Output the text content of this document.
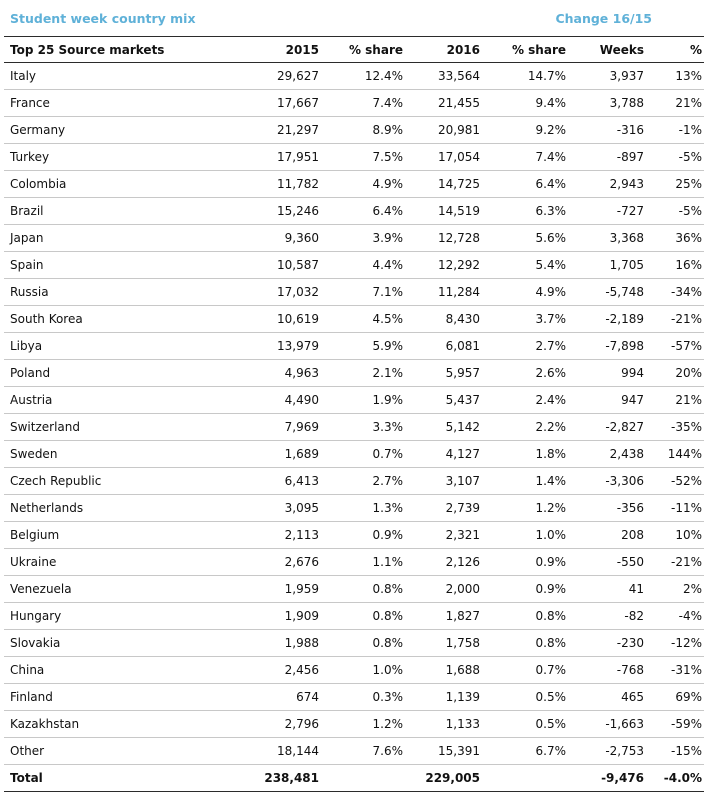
Student week country mix	Change 16/15
Top 25 Source markets	2015	% share	2016	% share	Weeks	%
Italy	29,627	12.4%	33,564	14.7%	3,937	13%
France	17,667	7.4%	21,455	9.4%	3,788	21%
Germany	21,297	8.9%	20,981	9.2%	-316	-1%
Turkey	17,951	7.5%	17,054	7.4%	-897	-5%
Colombia	11,782	4.9%	14,725	6.4%	2,943	25%
Brazil	15,246	6.4%	14,519	6.3%	-727	-5%
Japan	9,360	3.9%	12,728	5.6%	3,368	36%
Spain	10,587	4.4%	12,292	5.4%	1,705	16%
Russia	17,032	7.1%	11,284	4.9%	-5,748	-34%
South Korea	10,619	4.5%	8,430	3.7%	-2,189	-21%
Libya	13,979	5.9%	6,081	2.7%	-7,898	-57%
Poland	4,963	2.1%	5,957	2.6%	994	20%
Austria	4,490	1.9%	5,437	2.4%	947	21%
Switzerland	7,969	3.3%	5,142	2.2%	-2,827	-35%
Sweden	1,689	0.7%	4,127	1.8%	2,438	144%
Czech Republic	6,413	2.7%	3,107	1.4%	-3,306	-52%
Netherlands	3,095	1.3%	2,739	1.2%	-356	-11%
Belgium	2,113	0.9%	2,321	1.0%	208	10%
Ukraine	2,676	1.1%	2,126	0.9%	-550	-21%
Venezuela	1,959	0.8%	2,000	0.9%	41	2%
Hungary	1,909	0.8%	1,827	0.8%	-82	-4%
Slovakia	1,988	0.8%	1,758	0.8%	-230	-12%
China	2,456	1.0%	1,688	0.7%	-768	-31%
Finland	674	0.3%	1,139	0.5%	465	69%
Kazakhstan	2,796	1.2%	1,133	0.5%	-1,663	-59%
Other	18,144	7.6%	15,391	6.7%	-2,753	-15%
Total	238,481		229,005		-9,476	-4.0%
